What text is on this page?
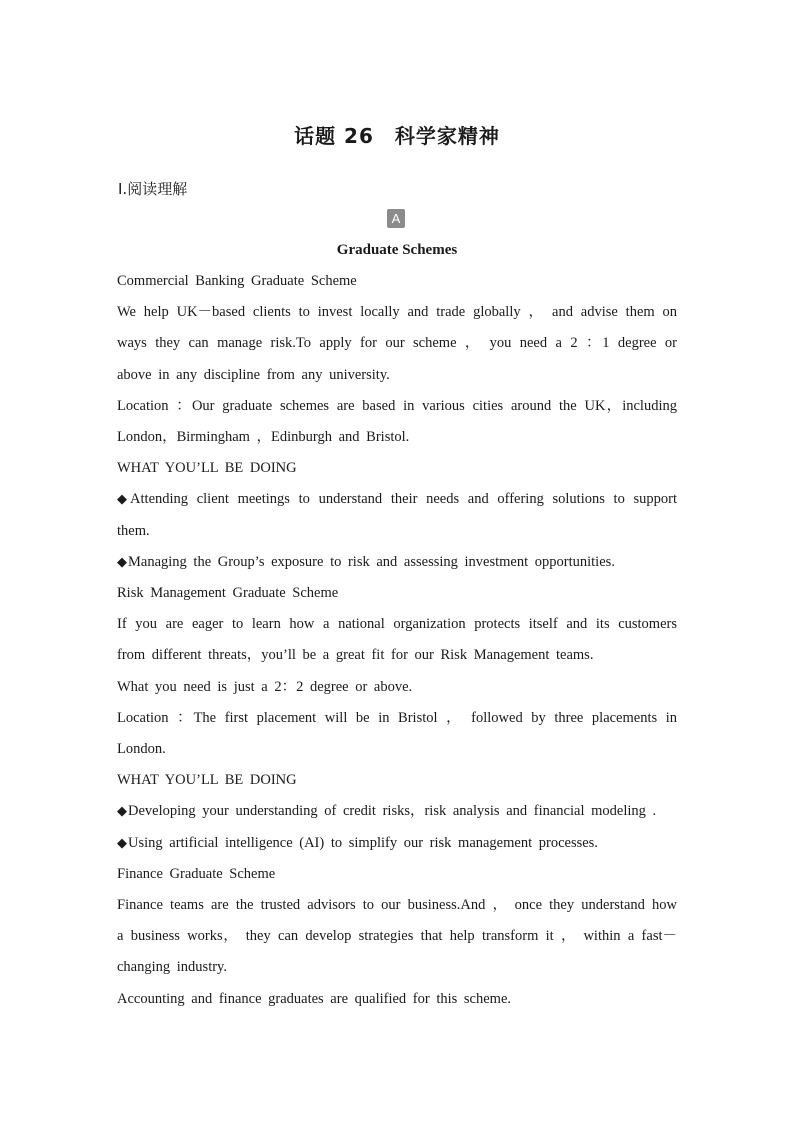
话题 26　科学家精神
Ⅰ.阅读理解
A
Graduate Schemes

Commercial Banking Graduate Scheme

We help UK－based clients to invest locally and trade globally ， and advise them on ways they can manage risk.To apply for our scheme ， you need a 2 ：1 degree or above in any discipline from any university.

Location ：Our graduate schemes are based in various cities around the UK，including London，Birmingham ，Edinburgh and Bristol.

WHAT YOU’LL BE DOING

◆ Attending client meetings to understand their needs and offering solutions to support them.

◆ Managing the Group’s exposure to risk and assessing investment opportunities.

Risk Management Graduate Scheme

If you are eager to learn how a national organization protects itself and its customers from different threats，you’ll be a great fit for our Risk Management teams.

What you need is just a 2：2 degree or above.

Location ：The first placement will be in Bristol ， followed by three placements in London.

WHAT YOU’LL BE DOING

◆ Developing your understanding of credit risks，risk analysis and financial modeling .

◆ Using artificial intelligence (AI) to simplify our risk management processes.

Finance Graduate Scheme

Finance teams are the trusted advisors to our business.And ， once they understand how a business works， they can develop strategies that help transform it ， within a fast－changing industry.

Accounting and finance graduates are qualified for this scheme.
